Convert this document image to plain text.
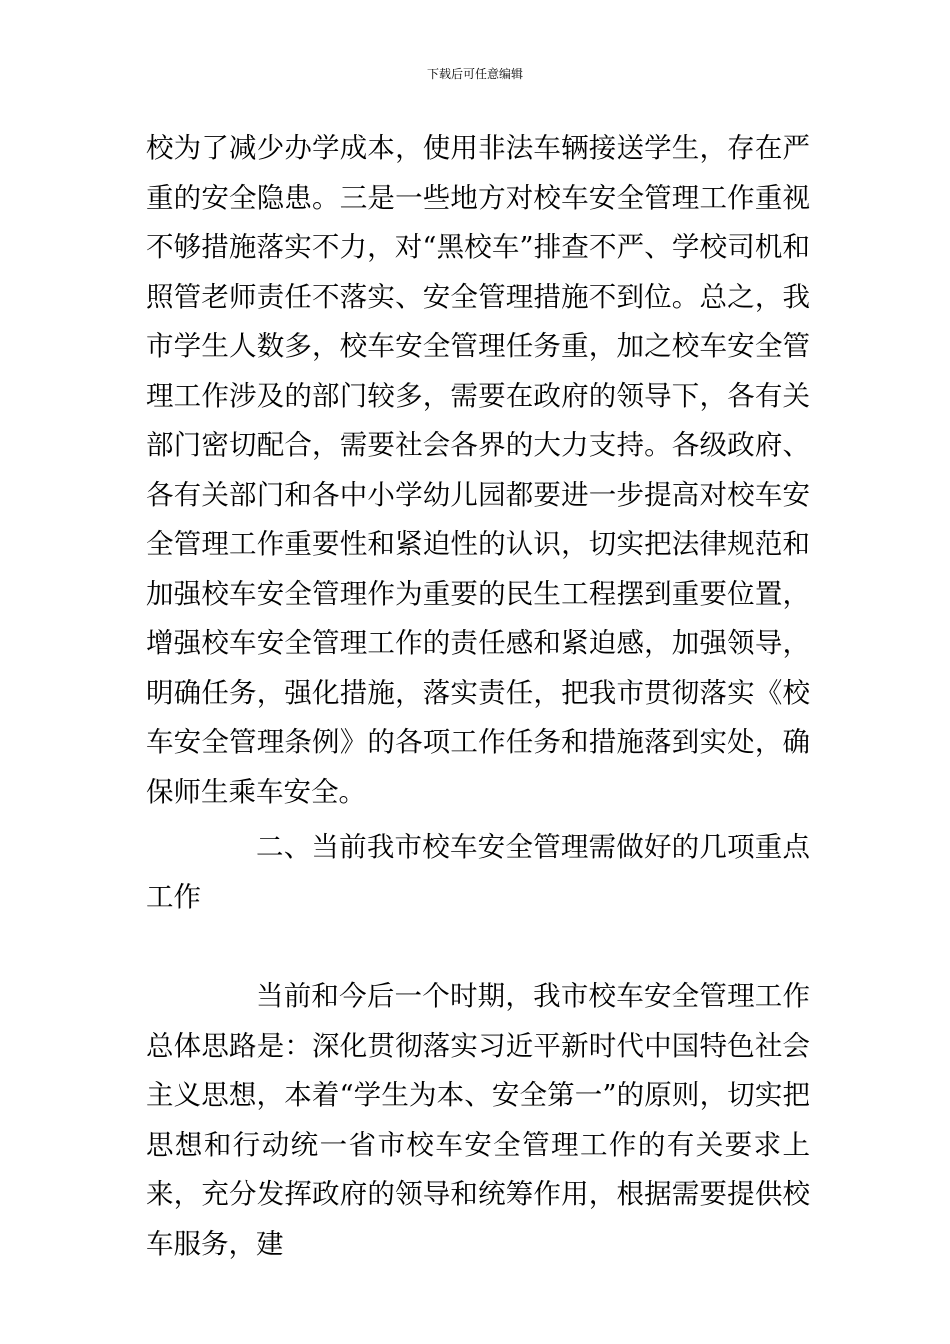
下载后可任意编辑

校为了减少办学成本，使用非法车辆接送学生，存在严重的安全隐患。三是一些地方对校车安全管理工作重视不够措施落实不力，对“黑校车”排查不严、学校司机和照管老师责任不落实、安全管理措施不到位。总之，我市学生人数多，校车安全管理任务重，加之校车安全管理工作涉及的部门较多，需要在政府的领导下，各有关部门密切配合，需要社会各界的大力支持。各级政府、各有关部门和各中小学幼儿园都要进一步提高对校车安全管理工作重要性和紧迫性的认识，切实把法律规范和加强校车安全管理作为重要的民生工程摆到重要位置，增强校车安全管理工作的责任感和紧迫感，加强领导，明确任务，强化措施，落实责任，把我市贯彻落实《校车安全管理条例》的各项工作任务和措施落到实处，确保师生乘车安全。

二、当前我市校车安全管理需做好的几项重点工作

当前和今后一个时期，我市校车安全管理工作总体思路是：深化贯彻落实习近平新时代中国特色社会主义思想，本着“学生为本、安全第一”的原则，切实把思想和行动统一省市校车安全管理工作的有关要求上来，充分发挥政府的领导和统筹作用，根据需要提供校车服务，建
